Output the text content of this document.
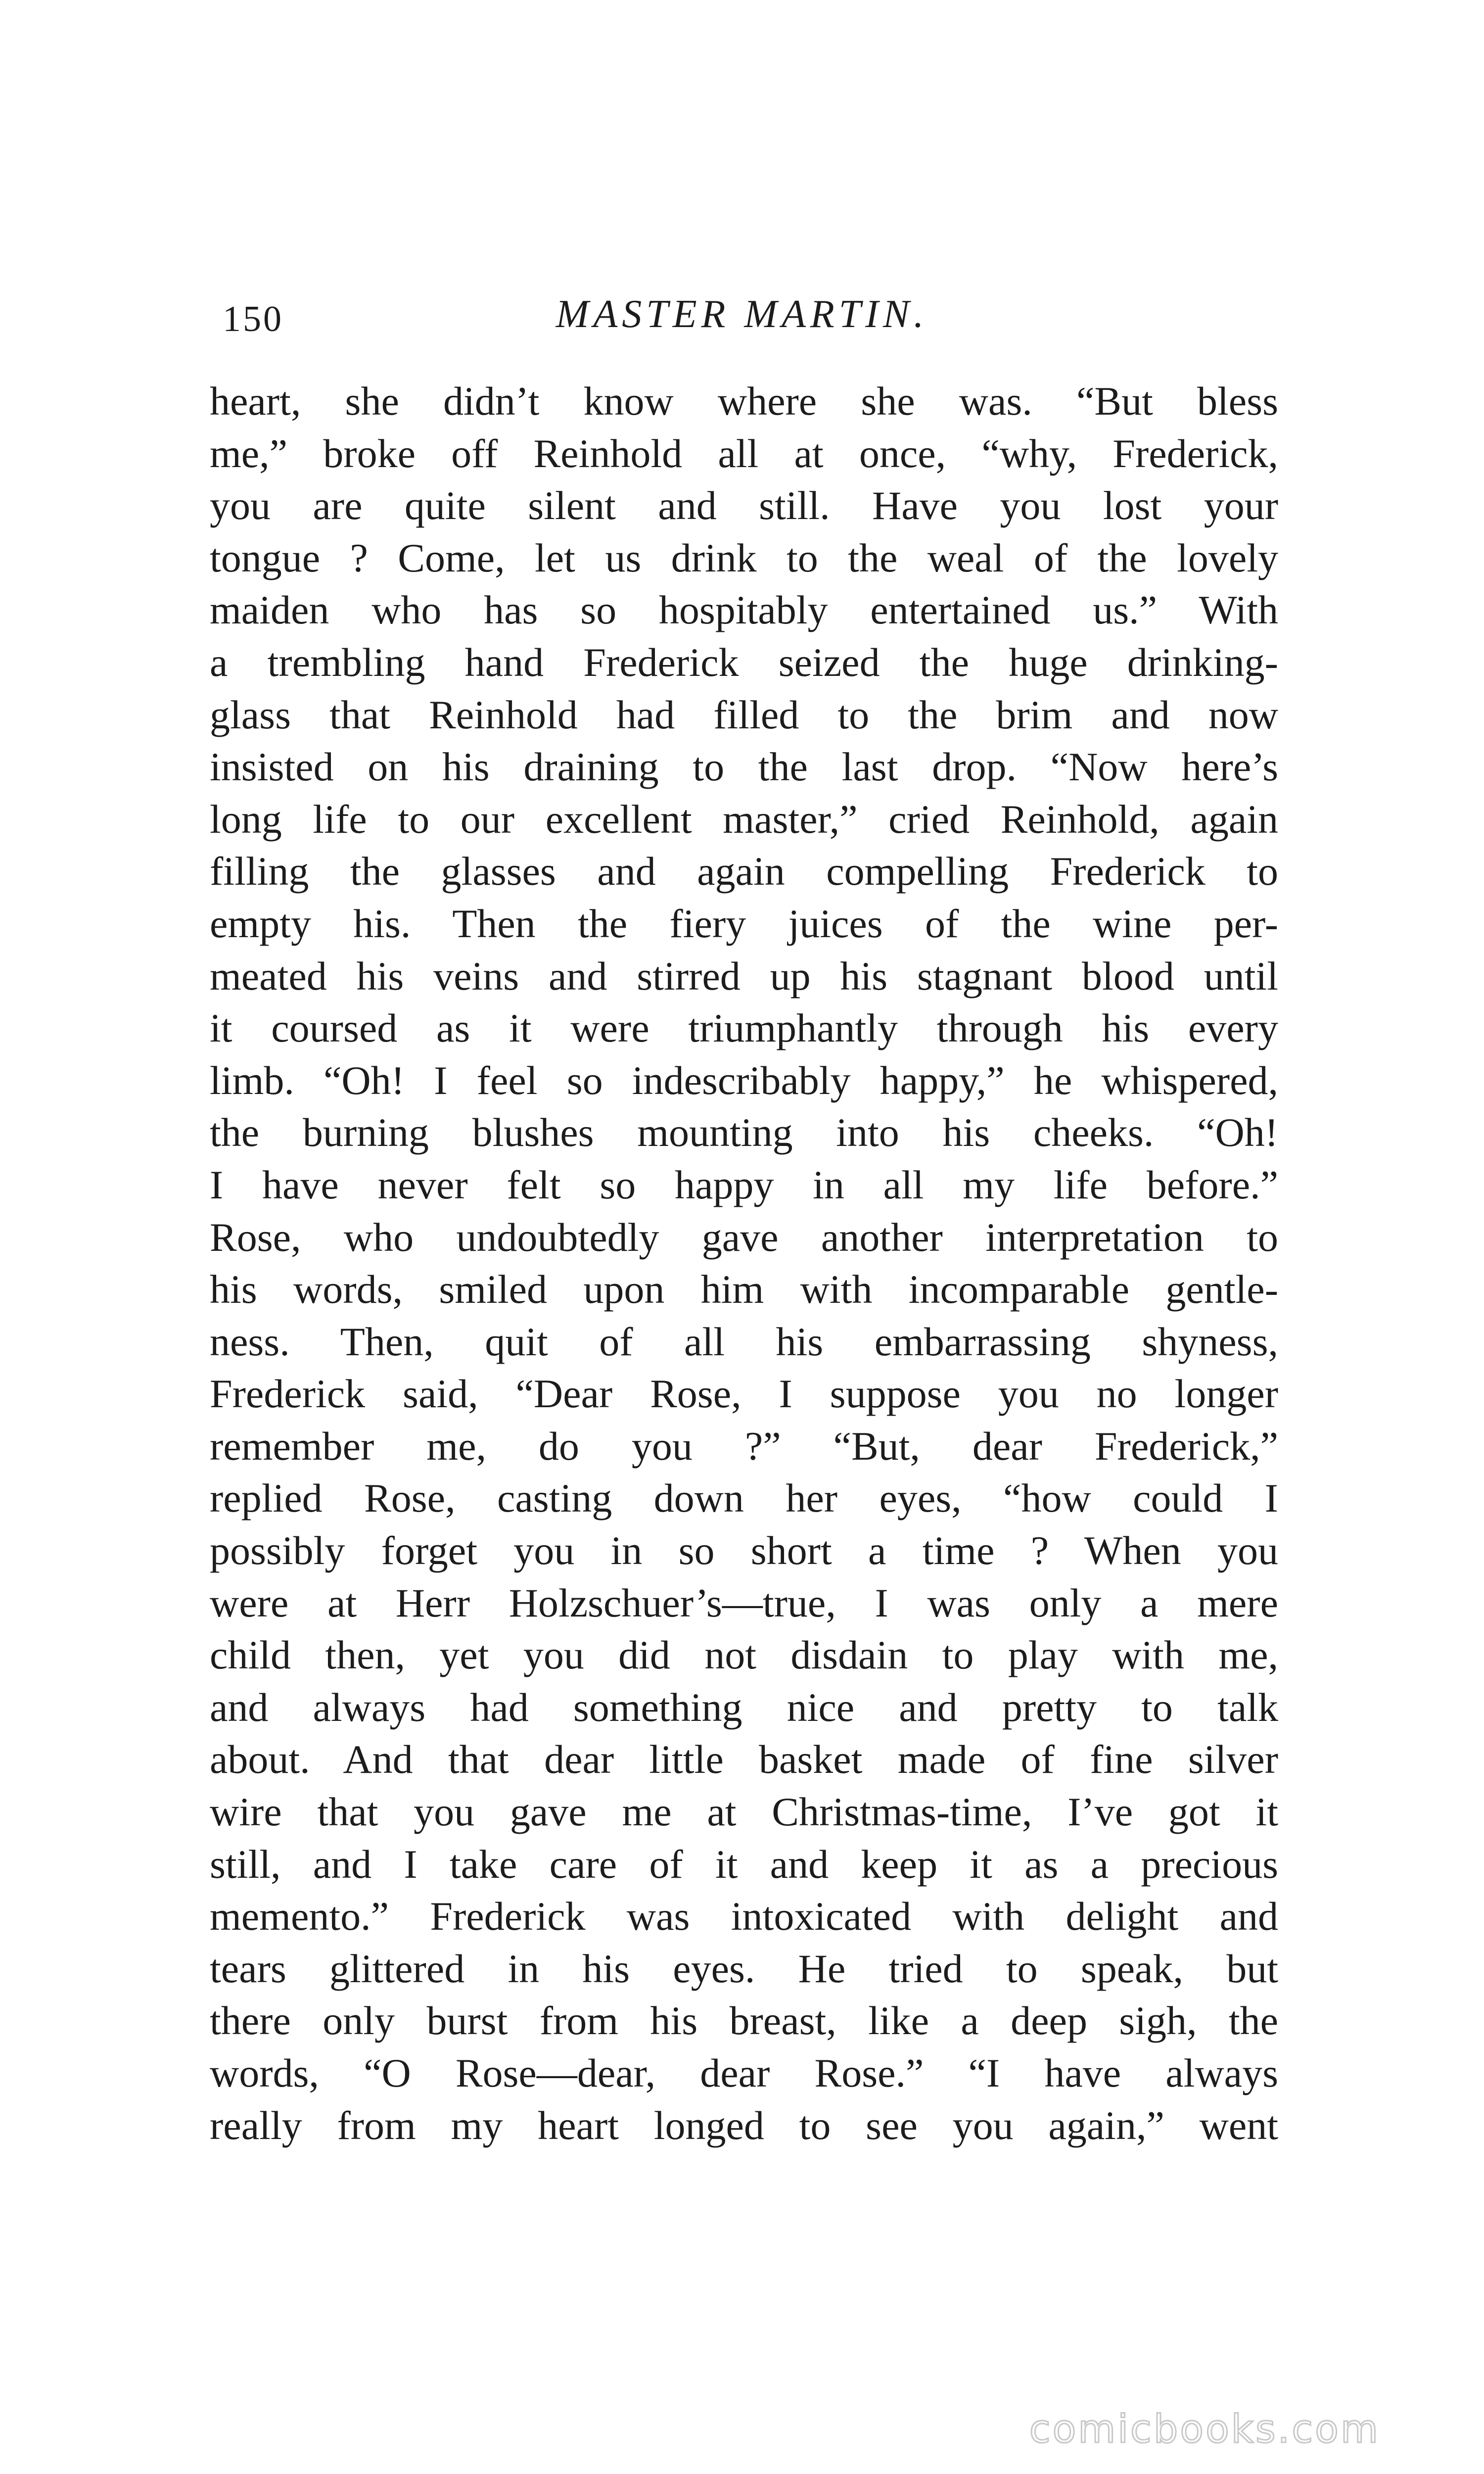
150	MASTER MARTIN.
heart, she didn’t know where she was. “But bless
me,” broke off Reinhold all at once, “why, Frederick,
you are quite silent and still. Have you lost your
tongue ? Come, let us drink to the weal of the lovely
maiden who has so hospitably entertained us.” With
a trembling hand Frederick seized the huge drinking-
glass that Reinhold had filled to the brim and now
insisted on his draining to the last drop. “Now here’s
long life to our excellent master,” cried Reinhold, again
filling the glasses and again compelling Frederick to
empty his. Then the fiery juices of the wine per-
meated his veins and stirred up his stagnant blood until
it coursed as it were triumphantly through his every
limb. “Oh! I feel so indescribably happy,” he whispered,
the burning blushes mounting into his cheeks. “Oh!
I have never felt so happy in all my life before.”
Rose, who undoubtedly gave another interpretation to
his words, smiled upon him with incomparable gentle-
ness. Then, quit of all his embarrassing shyness,
Frederick said, “Dear Rose, I suppose you no longer
remember me, do you ?” “But, dear Frederick,”
replied Rose, casting down her eyes, “how could I
possibly forget you in so short a time ? When you
were at Herr Holzschuer’s—true, I was only a mere
child then, yet you did not disdain to play with me,
and always had something nice and pretty to talk
about. And that dear little basket made of fine silver
wire that you gave me at Christmas-time, I’ve got it
still, and I take care of it and keep it as a precious
memento.” Frederick was intoxicated with delight and
tears glittered in his eyes. He tried to speak, but
there only burst from his breast, like a deep sigh, the
words, “O Rose—dear, dear Rose.” “I have always
really from my heart longed to see you again,” went
comicbooks.com
